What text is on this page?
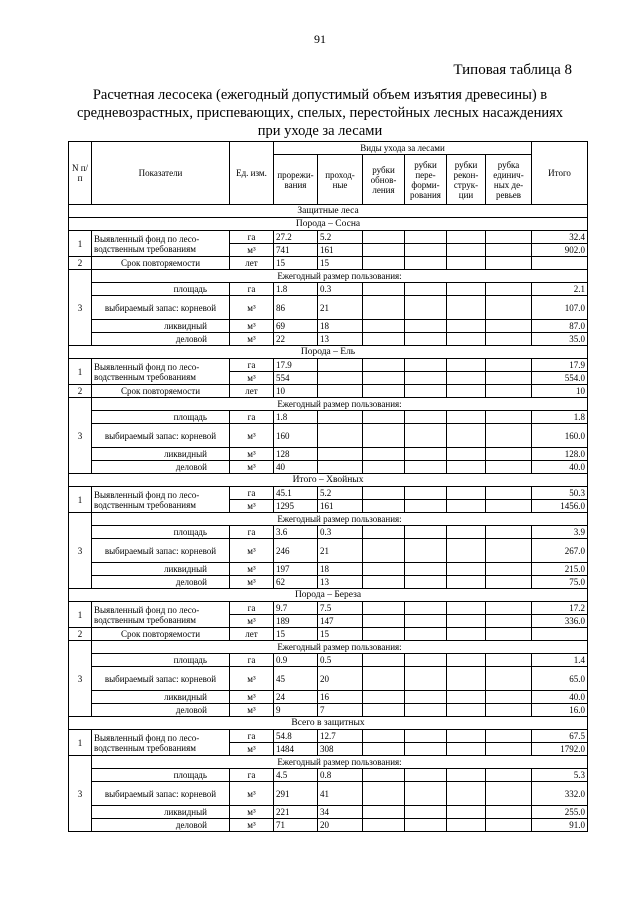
91
Типовая таблица 8
Расчетная лесосека (ежегодный допустимый объем изъятия древесины) в средневозрастных, приспевающих, спелых, перестойных лесных насаждениях при уходе за лесами
N п/п	Показатели	Ед. изм.	Виды ухода за лесами						Итого
			прорежи-вания	проход-ные	рубки обнов-ления	рубки пере-форми-рования	рубки рекон-струк-ции	рубка единич-ных де-ревьев	
Защитные леса									
Порода – Сосна									
1	Выявленный фонд по лесо-водственным требованиям	га	27.2	5.2					32.4
		м³	741	161					902.0
2	Срок повторяемости	лет	15	15					
3	Ежегодный размер пользования:								
	площадь	га	1.8	0.3					2.1
	выбираемый запас: корневой	м³	86	21					107.0
	ликвидный	м³	69	18					87.0
	деловой	м³	22	13					35.0
Порода – Ель									
1	Выявленный фонд по лесо-водственным требованиям	га	17.9						17.9
		м³	554						554.0
2	Срок повторяемости	лет	10						10
3	Ежегодный размер пользования:								
	площадь	га	1.8						1.8
	выбираемый запас: корневой	м³	160						160.0
	ликвидный	м³	128						128.0
	деловой	м³	40						40.0
Итого – Хвойных									
1	Выявленный фонд по лесо-водственным требованиям	га	45.1	5.2					50.3
		м³	1295	161					1456.0
3	Ежегодный размер пользования:								
	площадь	га	3.6	0.3					3.9
	выбираемый запас: корневой	м³	246	21					267.0
	ликвидный	м³	197	18					215.0
	деловой	м³	62	13					75.0
Порода – Береза									
1	Выявленный фонд по лесо-водственным требованиям	га	9.7	7.5					17.2
		м³	189	147					336.0
2	Срок повторяемости	лет	15	15					
3	Ежегодный размер пользования:								
	площадь	га	0.9	0.5					1.4
	выбираемый запас: корневой	м³	45	20					65.0
	ликвидный	м³	24	16					40.0
	деловой	м³	9	7					16.0
Всего в защитных									
1	Выявленный фонд по лесо-водственным требованиям	га	54.8	12.7					67.5
		м³	1484	308					1792.0
3	Ежегодный размер пользования:								
	площадь	га	4.5	0.8					5.3
	выбираемый запас: корневой	м³	291	41					332.0
	ликвидный	м³	221	34					255.0
	деловой	м³	71	20					91.0
